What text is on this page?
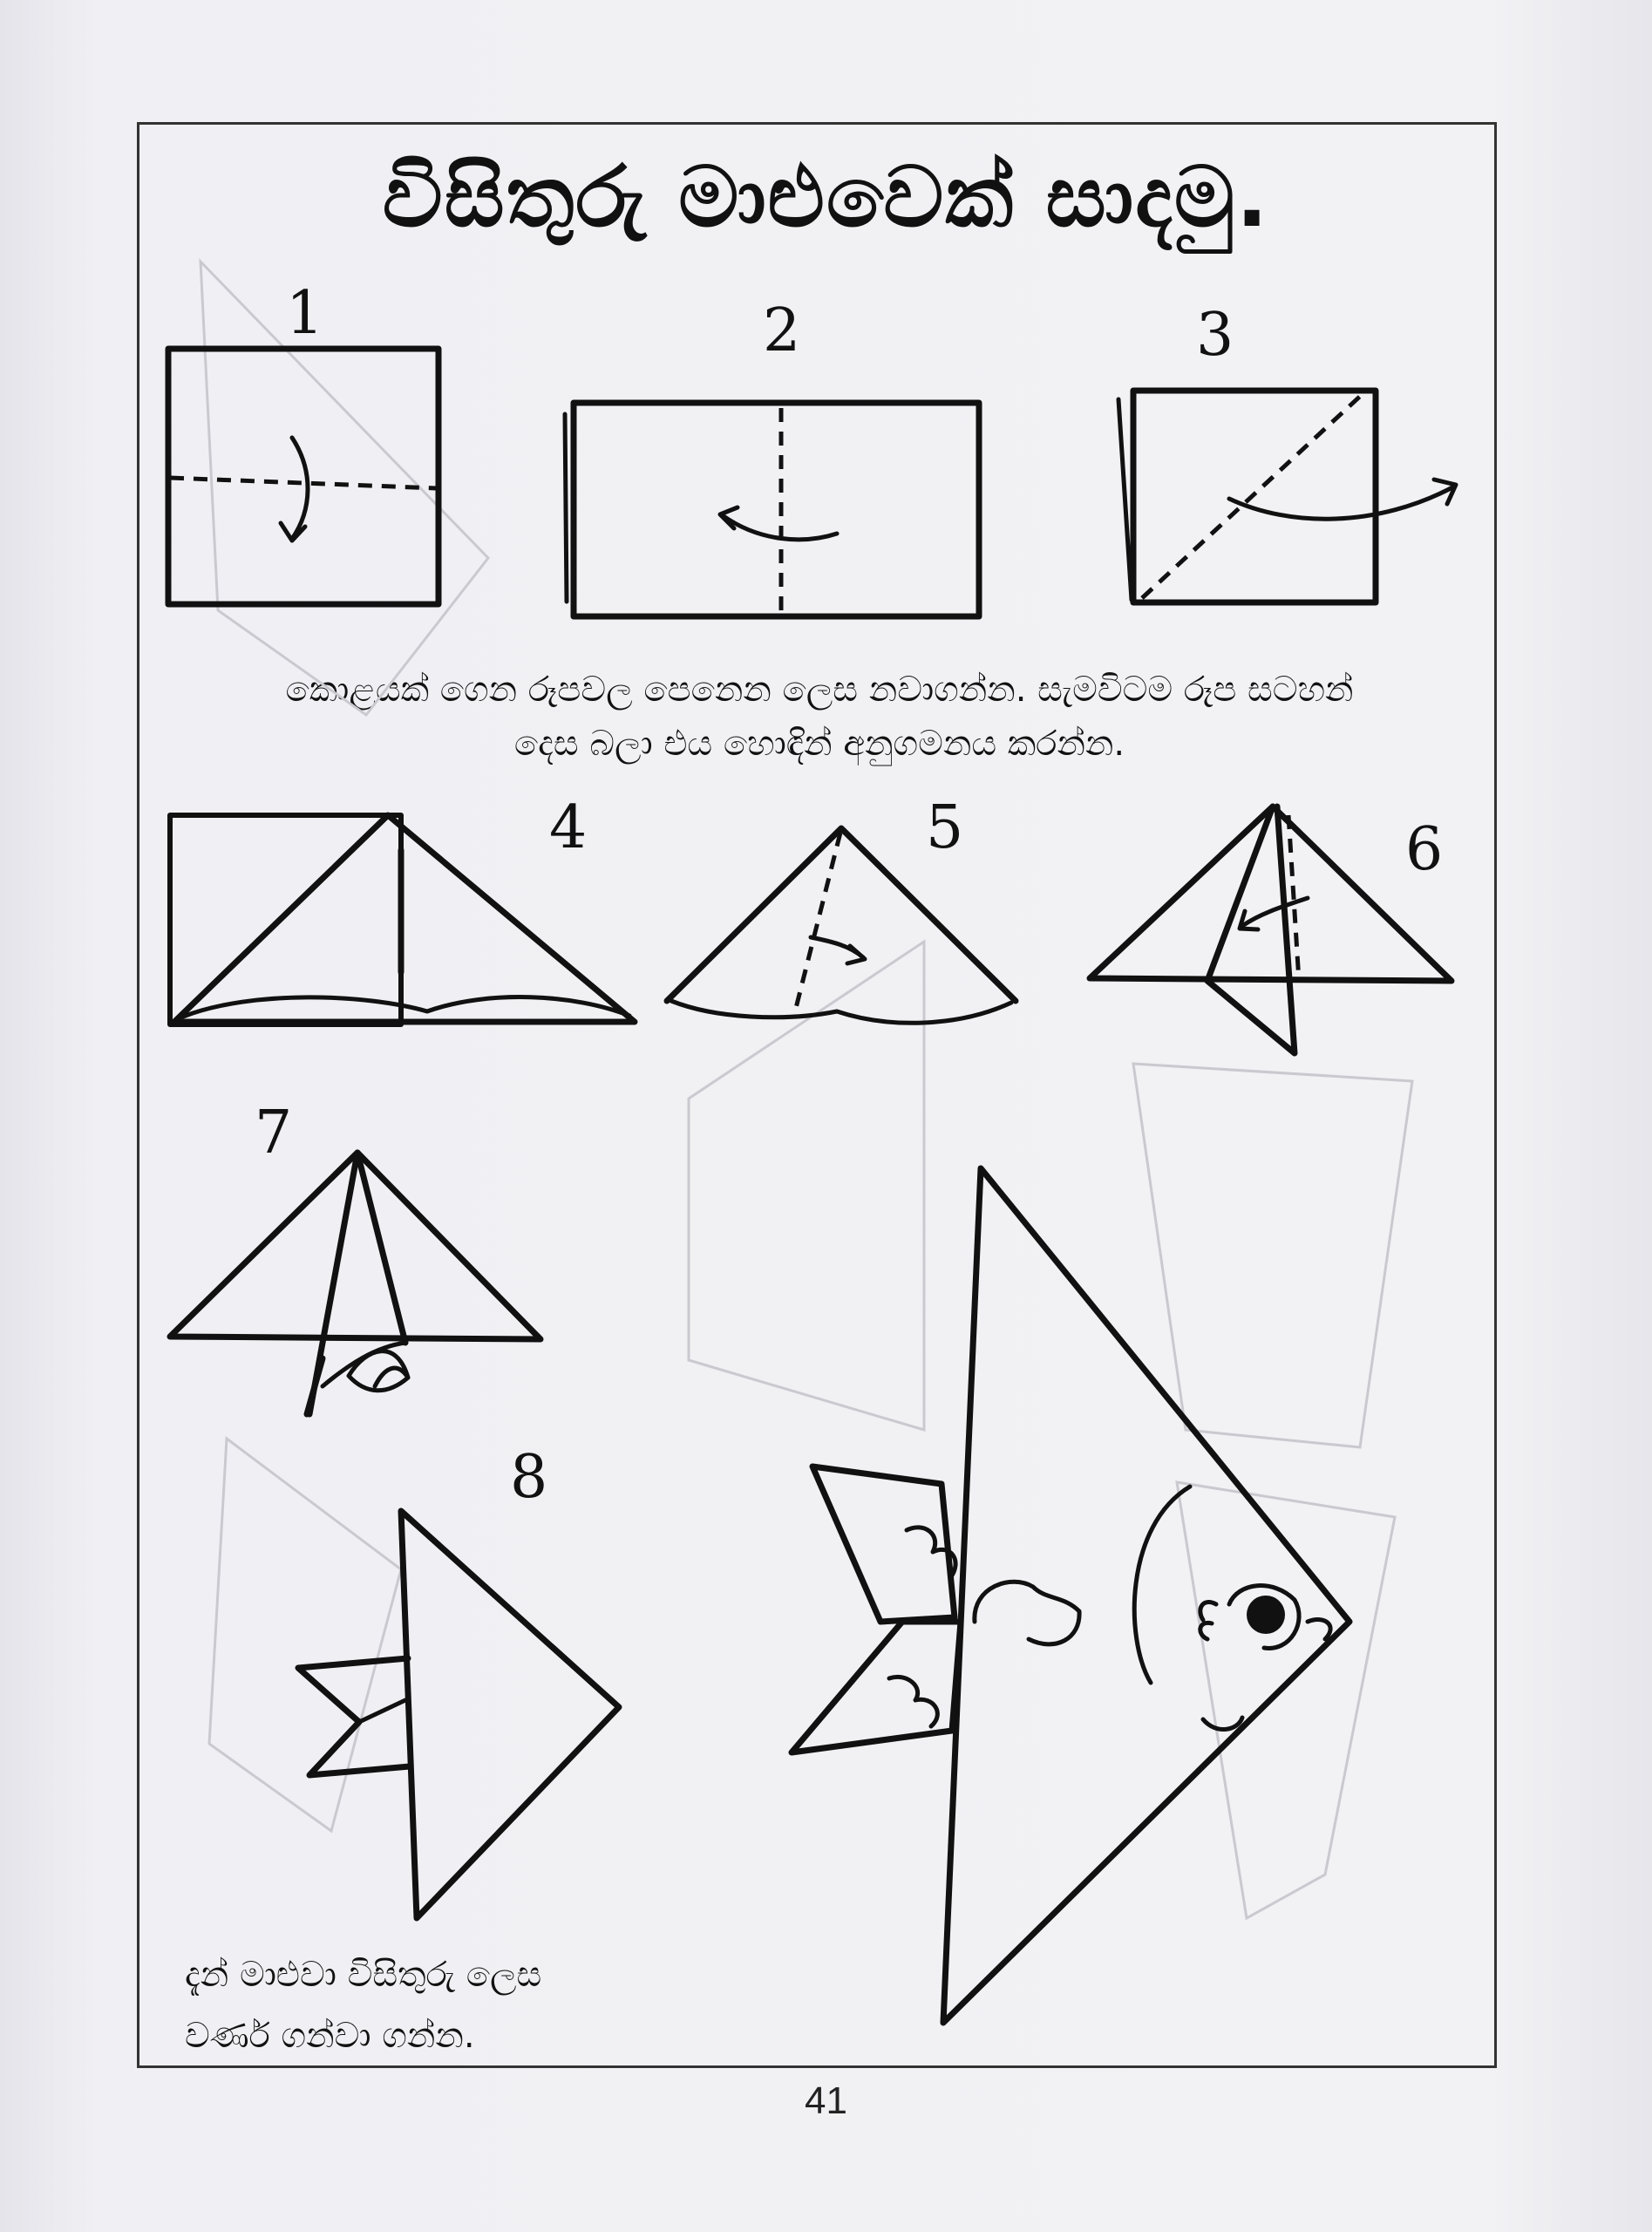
විසිතුරු මාළුවෙක් සාදමු.
1	2	3
4	5	6
7
8
කොළයක් ගෙන රූපවල පෙනෙන ලෙස නවාගන්න. සැමවිටම රූප සටහන්
දෙස බලා එය හොඳින් අනුගමනය කරන්න.
දැන් මාළුවා විසිතුරු ලෙස
වර්ණ ගන්වා ගන්න.
41
